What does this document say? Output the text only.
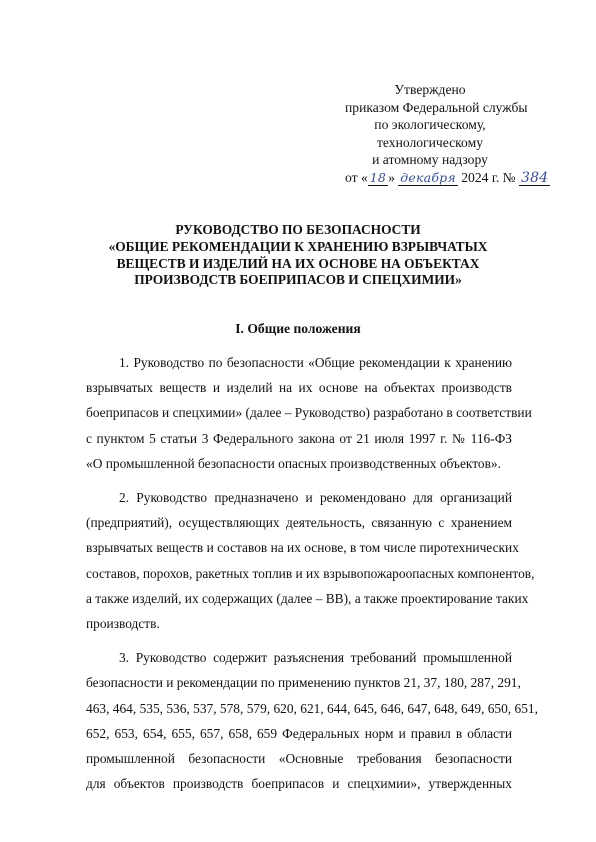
Утверждено
приказом Федеральной службы
по экологическому,
технологическому
и атомному надзору
от « 18 » декабря 2024 г. № 384
РУКОВОДСТВО ПО БЕЗОПАСНОСТИ
«ОБЩИЕ РЕКОМЕНДАЦИИ К ХРАНЕНИЮ ВЗРЫВЧАТЫХ
ВЕЩЕСТВ И ИЗДЕЛИЙ НА ИХ ОСНОВЕ НА ОБЪЕКТАХ
ПРОИЗВОДСТВ БОЕПРИПАСОВ И СПЕЦХИМИИ»
I. Общие положения
1. Руководство по безопасности «Общие рекомендации к хранению
взрывчатых веществ и изделий на их основе на объектах производств
боеприпасов и спецхимии» (далее – Руководство) разработано в соответствии
с пунктом 5 статьи 3 Федерального закона от 21 июля 1997 г. № 116-ФЗ
«О промышленной безопасности опасных производственных объектов».
2. Руководство предназначено и рекомендовано для организаций
(предприятий), осуществляющих деятельность, связанную с хранением
взрывчатых веществ и составов на их основе, в том числе пиротехнических
составов, порохов, ракетных топлив и их взрывопожароопасных компонентов,
а также изделий, их содержащих (далее – ВВ), а также проектирование таких
производств.
3. Руководство содержит разъяснения требований промышленной
безопасности и рекомендации по применению пунктов 21, 37, 180, 287, 291,
463, 464, 535, 536, 537, 578, 579, 620, 621, 644, 645, 646, 647, 648, 649, 650, 651,
652, 653, 654, 655, 657, 658, 659 Федеральных норм и правил в области
промышленной безопасности «Основные требования безопасности
для объектов производств боеприпасов и спецхимии», утвержденных
